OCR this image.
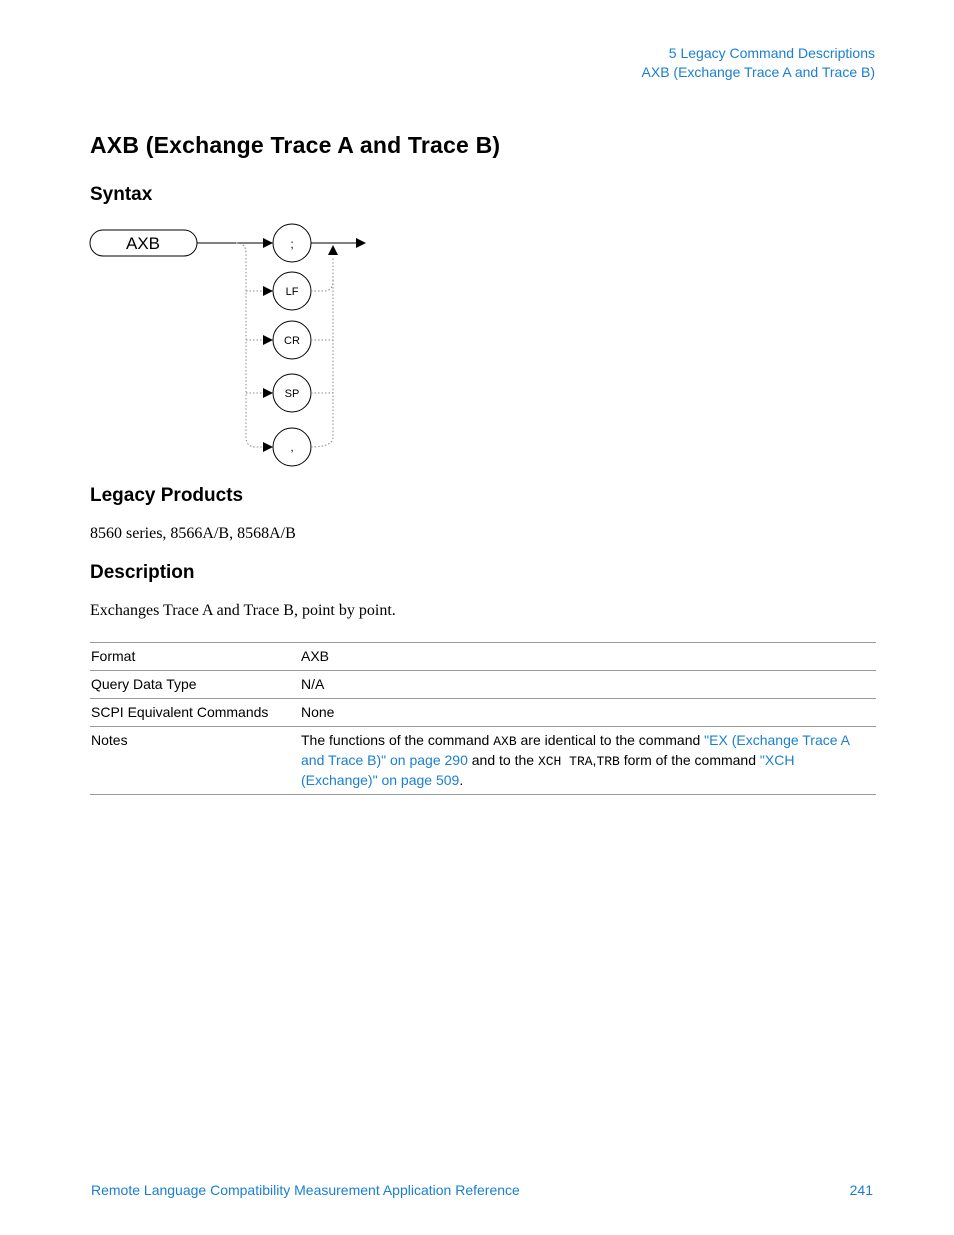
5 Legacy Command Descriptions
AXB (Exchange Trace A and Trace B)
AXB (Exchange Trace A and Trace B)
Syntax
AXB	;
LF
CR
SP
,
Legacy Products
8560 series, 8566A/B, 8568A/B
Description
Exchanges Trace A and Trace B, point by point.
Format	AXB
Query Data Type	N/A
SCPI Equivalent Commands	None
Notes	The functions of the command AXB are identical to the command "EX (Exchange Trace A and Trace B)" on page 290 and to the XCH TRA,TRB form of the command "XCH (Exchange)" on page 509.
Remote Language Compatibility Measurement Application Reference	241
